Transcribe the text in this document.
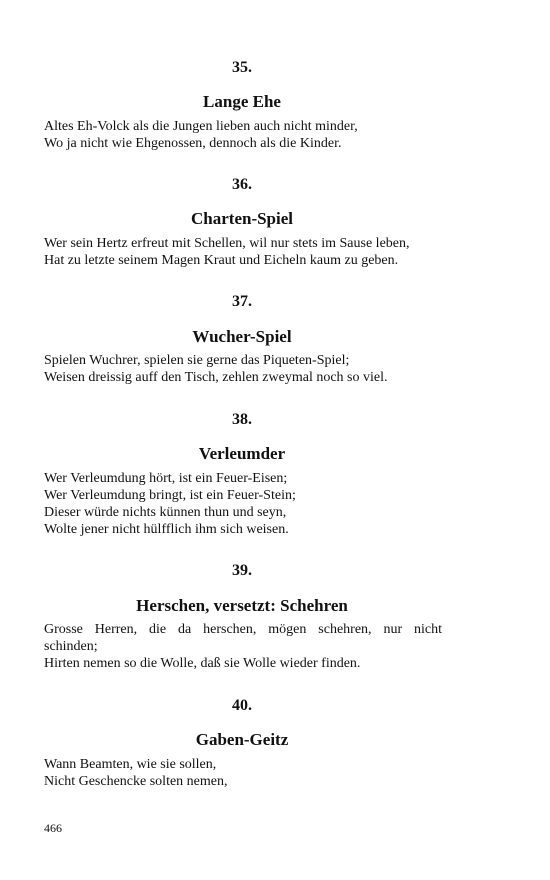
35.
Lange Ehe
Altes Eh-Volck als die Jungen lieben auch nicht minder,
Wo ja nicht wie Ehgenossen, dennoch als die Kinder.
36.
Charten-Spiel
Wer sein Hertz erfreut mit Schellen, wil nur stets im Sause leben,
Hat zu letzte seinem Magen Kraut und Eicheln kaum zu geben.
37.
Wucher-Spiel
Spielen Wuchrer, spielen sie gerne das Piqueten-Spiel;
Weisen dreissig auff den Tisch, zehlen zweymal noch so viel.
38.
Verleumder
Wer Verleumdung hört, ist ein Feuer-Eisen;
Wer Verleumdung bringt, ist ein Feuer-Stein;
Dieser würde nichts künnen thun und seyn,
Wolte jener nicht hülfflich ihm sich weisen.
39.
Herschen, versetzt: Schehren
Grosse Herren, die da herschen, mögen schehren, nur nicht
schinden;
Hirten nemen so die Wolle, daß sie Wolle wieder finden.
40.
Gaben-Geitz
Wann Beamten, wie sie sollen,
Nicht Geschencke solten nemen,
466
